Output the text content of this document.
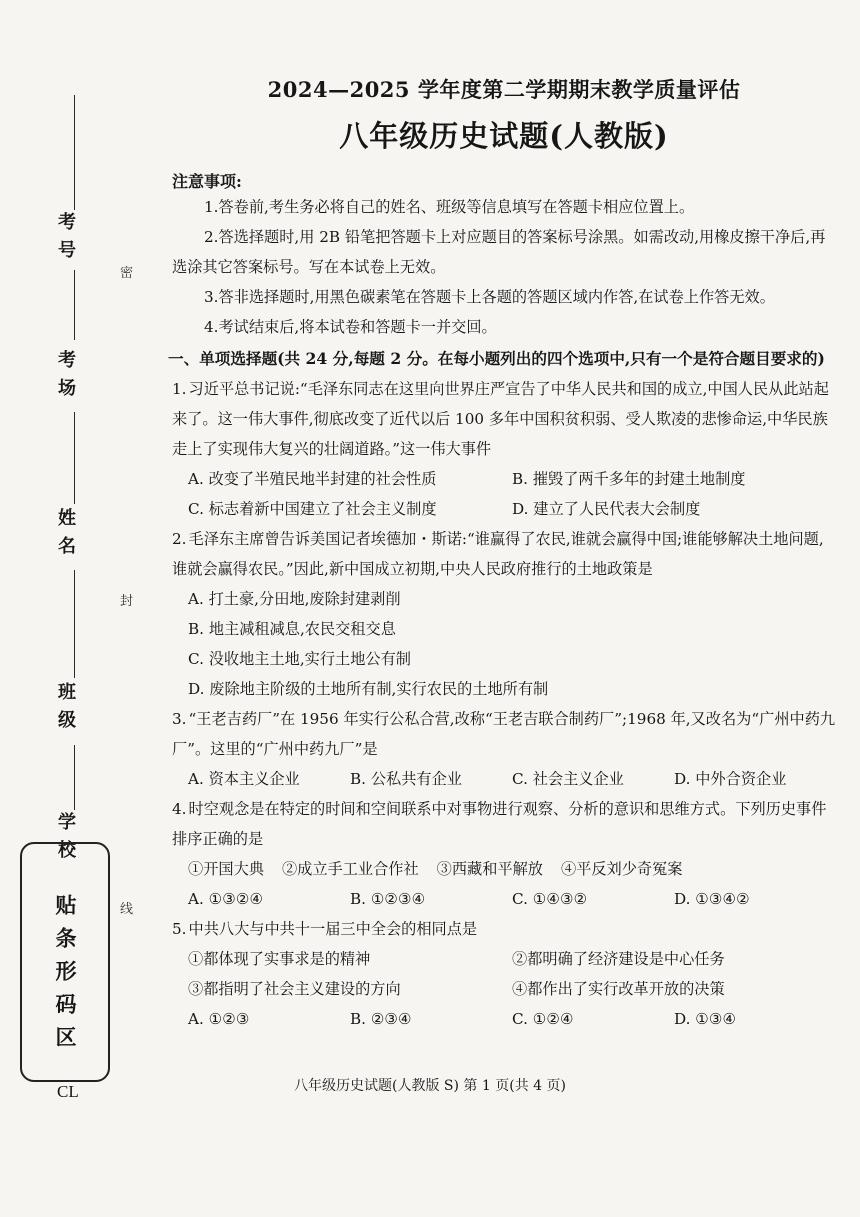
考号
考场
姓名
班级
学校
密
封
线
贴条形码区
CL
2024—2025 学年度第二学期期末教学质量评估
八年级历史试题(人教版)
注意事项:
1.答卷前,考生务必将自己的姓名、班级等信息填写在答题卡相应位置上。
2.答选择题时,用 2B 铅笔把答题卡上对应题目的答案标号涂黑。如需改动,用橡皮擦干净后,再选涂其它答案标号。写在本试卷上无效。
3.答非选择题时,用黑色碳素笔在答题卡上各题的答题区域内作答,在试卷上作答无效。
4.考试结束后,将本试卷和答题卡一并交回。
一、单项选择题(共 24 分,每题 2 分。在每小题列出的四个选项中,只有一个是符合题目要求的)
1. 习近平总书记说:“毛泽东同志在这里向世界庄严宣告了中华人民共和国的成立,中国人民从此站起来了。这一伟大事件,彻底改变了近代以后 100 多年中国积贫积弱、受人欺凌的悲惨命运,中华民族走上了实现伟大复兴的壮阔道路。”这一伟大事件
A. 改变了半殖民地半封建的社会性质	B. 摧毁了两千多年的封建土地制度
C. 标志着新中国建立了社会主义制度	D. 建立了人民代表大会制度
2. 毛泽东主席曾告诉美国记者埃德加・斯诺:“谁赢得了农民,谁就会赢得中国;谁能够解决土地问题,谁就会赢得农民。”因此,新中国成立初期,中央人民政府推行的土地政策是
A. 打土豪,分田地,废除封建剥削
B. 地主减租减息,农民交租交息
C. 没收地主土地,实行土地公有制
D. 废除地主阶级的土地所有制,实行农民的土地所有制
3. “王老吉药厂”在 1956 年实行公私合营,改称“王老吉联合制药厂”;1968 年,又改名为“广州中药九厂”。这里的“广州中药九厂”是
A. 资本主义企业	B. 公私共有企业	C. 社会主义企业	D. 中外合资企业
4. 时空观念是在特定的时间和空间联系中对事物进行观察、分析的意识和思维方式。下列历史事件排序正确的是
①开国大典 ②成立手工业合作社 ③西藏和平解放 ④平反刘少奇冤案
A. ①③②④	B. ①②③④	C. ①④③②	D. ①③④②
5. 中共八大与中共十一届三中全会的相同点是
①都体现了实事求是的精神	②都明确了经济建设是中心任务
③都指明了社会主义建设的方向	④都作出了实行改革开放的决策
A. ①②③	B. ②③④	C. ①②④	D. ①③④
八年级历史试题(人教版 S) 第 1 页(共 4 页)
